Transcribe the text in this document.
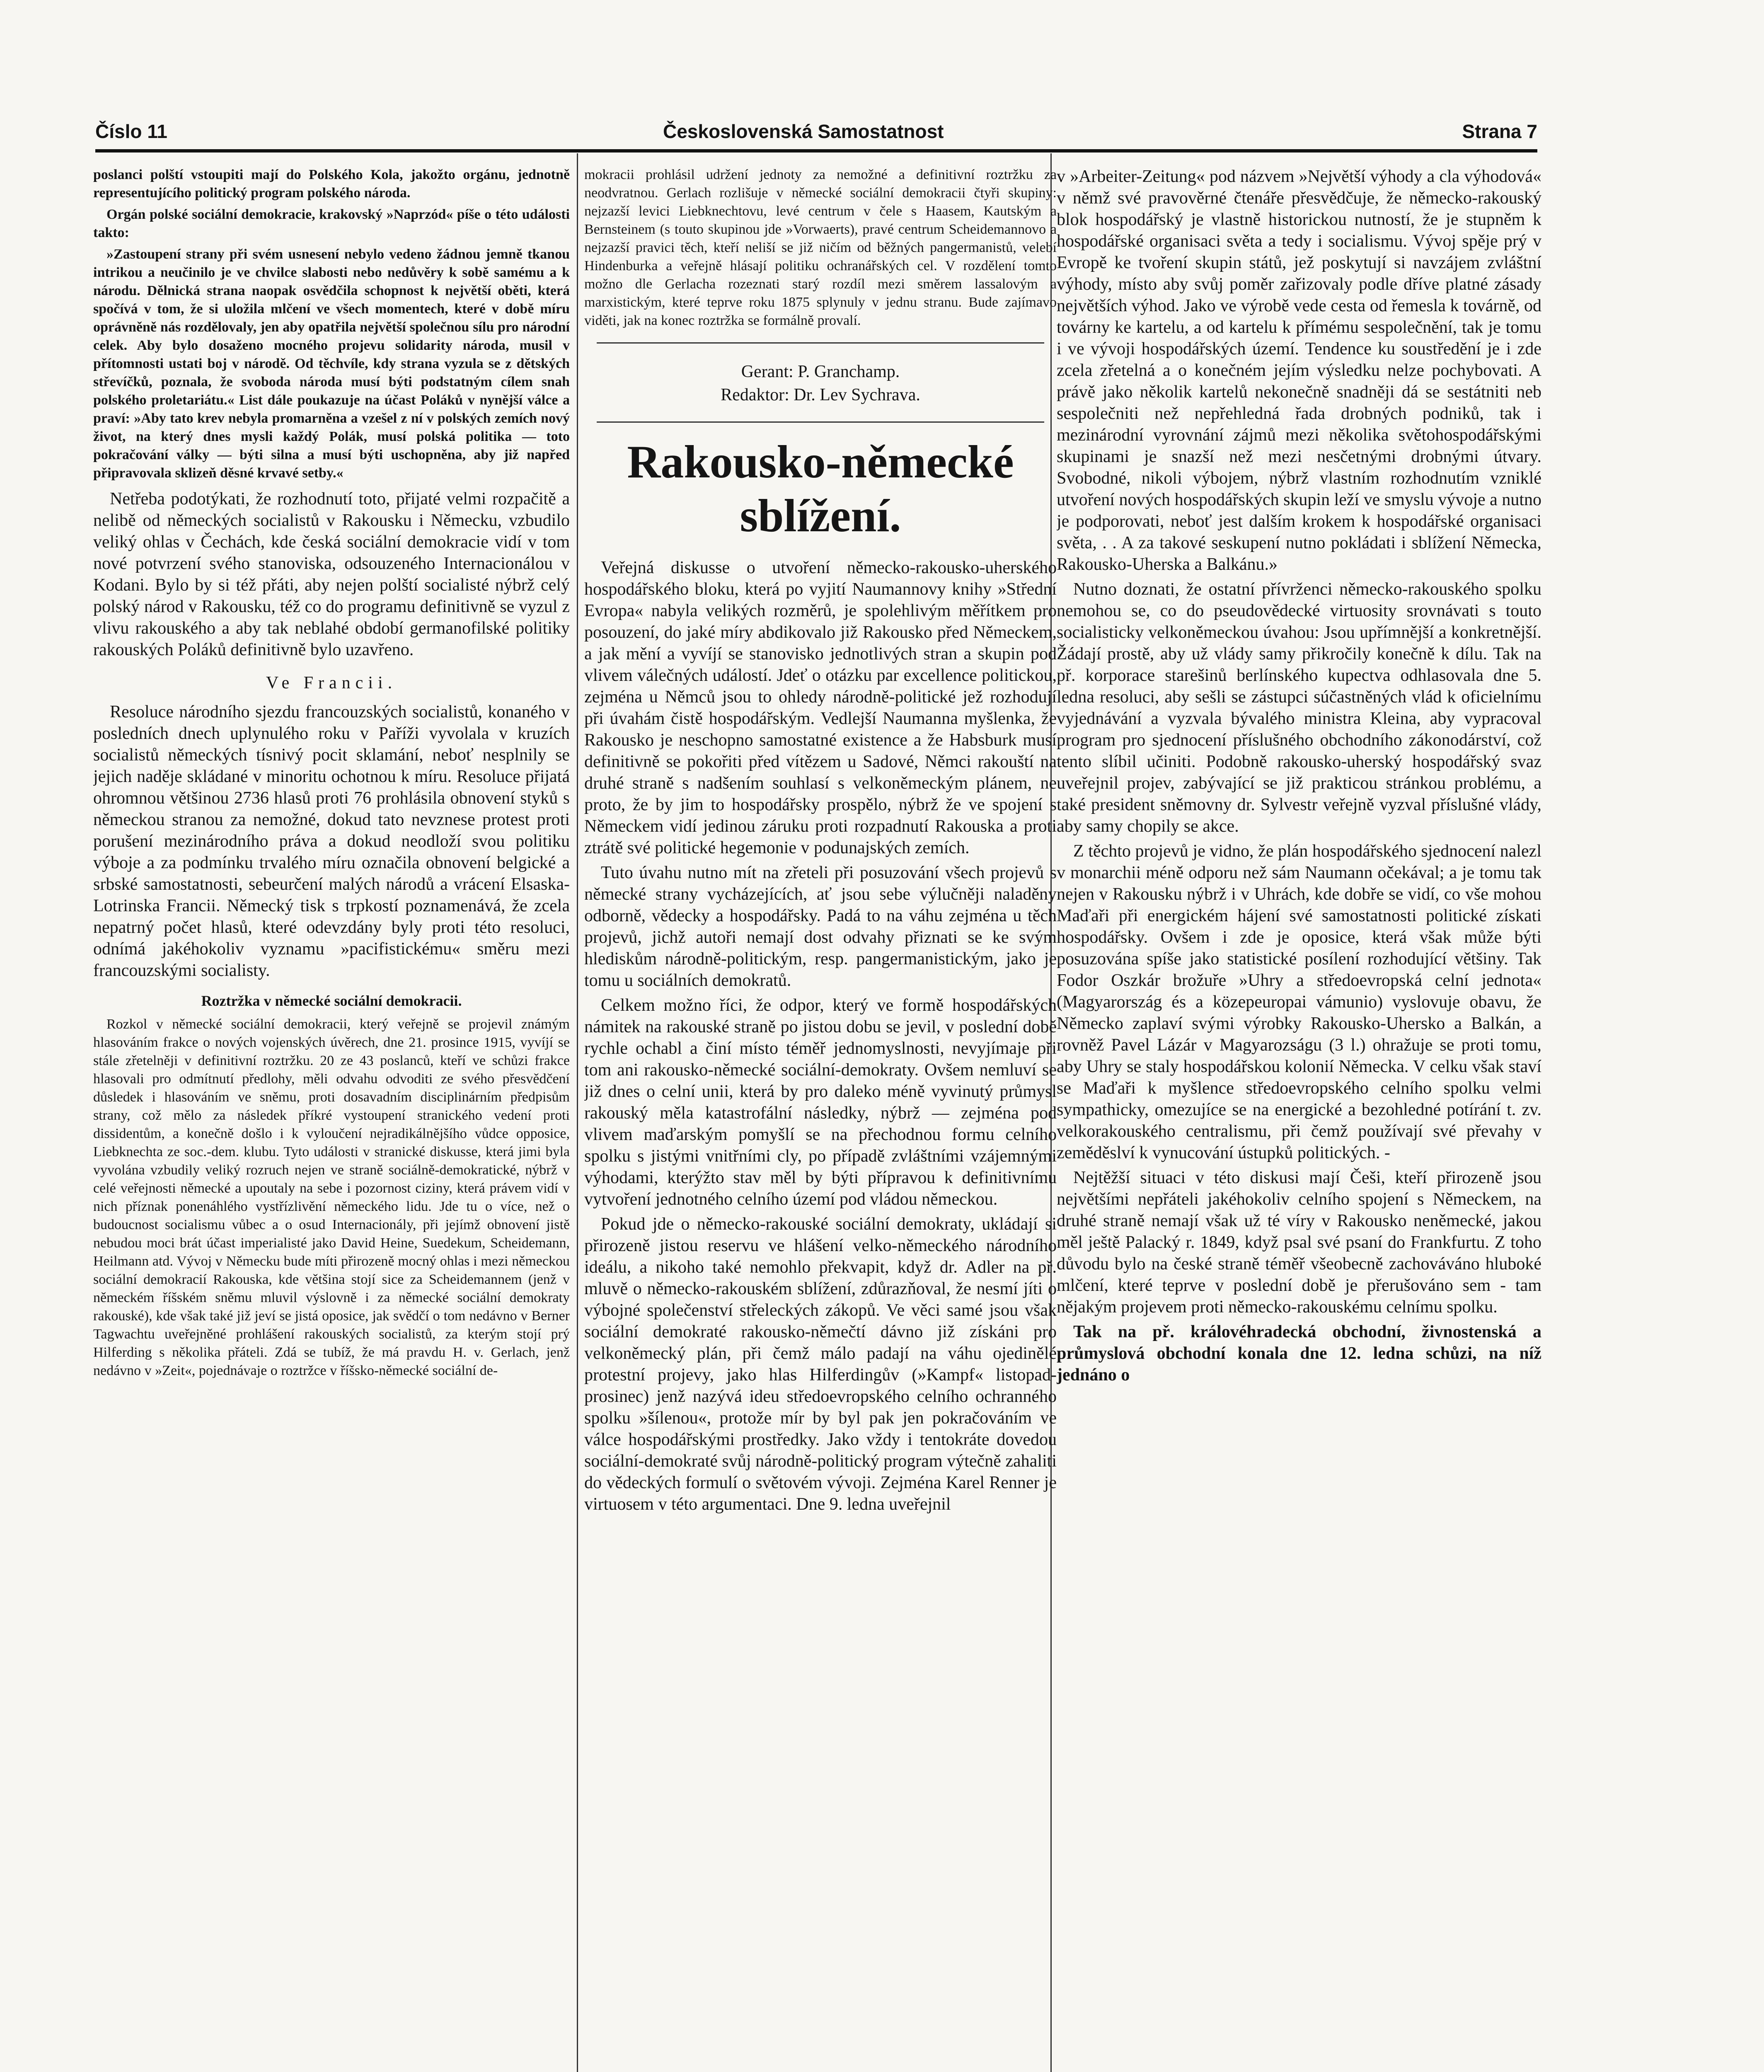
Číslo 11	Československá Samostatnost	Strana 7

poslanci polští vstoupiti mají do Polského Kola, jakožto orgánu, jednotně representujícího politický program polského národa.

Orgán polské sociální demokracie, krakovský »Naprzód« píše o této události takto:

»Zastoupení strany při svém usnesení nebylo vedeno žádnou jemně tkanou intrikou a neučinilo je ve chvilce slabosti nebo nedůvěry k sobě samému a k národu. Dělnická strana naopak osvědčila schopnost k největší oběti, která spočívá v tom, že si uložila mlčení ve všech momentech, které v době míru oprávněně nás rozdělovaly, jen aby opatřila největší společnou sílu pro národní celek. Aby bylo dosaženo mocného projevu solidarity národa, musil v přítomnosti ustati boj v národě. Od těchvíle, kdy strana vyzula se z dětských střevíčků, poznala, že svoboda národa musí býti podstatným cílem snah polského proletariátu.« List dále poukazuje na účast Poláků v nynější válce a praví: »Aby tato krev nebyla promarněna a vzešel z ní v polských zemích nový život, na který dnes mysli každý Polák, musí polská politika — toto pokračování války — býti silna a musí býti uschopněna, aby již napřed připravovala sklizeň děsné krvavé setby.«

Netřeba podotýkati, že rozhodnutí toto, přijaté velmi rozpačitě a nelibě od německých socialistů v Rakousku i Německu, vzbudilo veliký ohlas v Čechách, kde česká sociální demokracie vidí v tom nové potvrzení svého stanoviska, odsouzeného Internacionálou v Kodani. Bylo by si též přáti, aby nejen polští socialisté nýbrž celý polský národ v Rakousku, též co do programu definitivně se vyzul z vlivu rakouského a aby tak neblahé období germanofilské politiky rakouských Poláků definitivně bylo uzavřeno.

Ve Francii.

Resoluce národního sjezdu francouzských socialistů, konaného v posledních dnech uplynulého roku v Paříži vyvolala v kruzích socialistů německých tísnivý pocit sklamání, neboť nesplnily se jejich naděje skládané v minoritu ochotnou k míru. Resoluce přijatá ohromnou většinou 2736 hlasů proti 76 prohlásila obnovení styků s německou stranou za nemožné, dokud tato nevznese protest proti porušení mezinárodního práva a dokud neodloží svou politiku výboje a za podmínku trvalého míru označila obnovení belgické a srbské samostatnosti, sebeurčení malých národů a vrácení Elsaska-Lotrinska Francii. Německý tisk s trpkostí poznamenává, že zcela nepatrný počet hlasů, které odevzdány byly proti této resoluci, odnímá jakéhokoliv vyznamu »pacifistickému« směru mezi francouzskými socialisty.

Roztržka v německé sociální demokracii.

Rozkol v německé sociální demokracii, který veřejně se projevil známým hlasováním frakce o nových vojenských úvěrech, dne 21. prosince 1915, vyvíjí se stále zřetelněji v definitivní roztržku. 20 ze 43 poslanců, kteří ve schůzi frakce hlasovali pro odmítnutí předlohy, měli odvahu odvoditi ze svého přesvědčení důsledek i hlasováním ve sněmu, proti dosavadním disciplinárním předpisům strany, což mělo za následek příkré vystoupení stranického vedení proti dissidentům, a konečně došlo i k vyloučení nejradikálnějšího vůdce opposice, Liebknechta ze soc.-dem. klubu. Tyto události v stranické diskusse, která jimi byla vyvolána vzbudily veliký rozruch nejen ve straně sociálně-demokratické, nýbrž v celé veřejnosti německé a upoutaly na sebe i pozornost ciziny, která právem vidí v nich příznak ponenáhlého vystřízlivění německého lidu. Jde tu o více, než o budoucnost socialismu vůbec a o osud Internacionály, při jejímž obnovení jistě nebudou moci brát účast imperialisté jako David Heine, Suedekum, Scheidemann, Heilmann atd. Vývoj v Německu bude míti přirozeně mocný ohlas i mezi německou sociální demokracií Rakouska, kde většina stojí sice za Scheidemannem (jenž v německém říšském sněmu mluvil výslovně i za německé sociální demokraty rakouské), kde však také již jeví se jistá oposice, jak svědčí o tom nedávno v Berner Tagwachtu uveřejněné prohlášení rakouských socialistů, za kterým stojí prý Hilferding s několika přáteli. Zdá se tubíž, že má pravdu H. v. Gerlach, jenž nedávno v »Zeit«, pojednávaje o roztržce v říšsko-německé sociální de-

mokracii prohlásil udržení jednoty za nemožné a definitivní roztržku za neodvratnou. Gerlach rozlišuje v německé sociální demokracii čtyři skupiny: nejzazší levici Liebknechtovu, levé centrum v čele s Haasem, Kautským a Bernsteinem (s touto skupinou jde »Vorwaerts), pravé centrum Scheidemannovo a nejzazší pravici těch, kteří neliší se již ničím od běžných pangermanistů, velebí Hindenburka a veřejně hlásají politiku ochranářských cel. V rozdělení tomto možno dle Gerlacha rozeznati starý rozdíl mezi směrem lassalovým a marxistickým, které teprve roku 1875 splynuly v jednu stranu. Bude zajímavo viděti, jak na konec roztržka se formálně provalí.

Gerant: P. Granchamp.
Redaktor: Dr. Lev Sychrava.

Rakousko-německé sblížení.

Veřejná diskusse o utvoření německo-rakousko-uherského hospodářského bloku, která po vyjití Naumannovy knihy »Střední Evropa« nabyla velikých rozměrů, je spolehlivým měřítkem pro posouzení, do jaké míry abdikovalo již Rakousko před Německem, a jak mění a vyvíjí se stanovisko jednotlivých stran a skupin pod vlivem válečných událostí. Jdeť o otázku par excellence politickou, zejména u Němců jsou to ohledy národně-politické jež rozhodují při úvahám čistě hospodářským. Vedlejší Naumanna myšlenka, že Rakousko je neschopno samostatné existence a že Habsburk musí definitivně se pokořiti před vítězem u Sadové, Němci rakouští na druhé straně s nadšením souhlasí s velkoněmeckým plánem, ne proto, že by jim to hospodářsky prospělo, nýbrž že ve spojení s Německem vidí jedinou záruku proti rozpadnutí Rakouska a proti ztrátě své politické hegemonie v podunajských zemích.

Tuto úvahu nutno mít na zřeteli při posuzování všech projevů s německé strany vycházejících, ať jsou sebe výlučněji naladěny odborně, vědecky a hospodářsky. Padá to na váhu zejména u těch projevů, jichž autoři nemají dost odvahy přiznati se ke svým hlediskům národně-politickým, resp. pangermanistickým, jako je tomu u sociálních demokratů.

Celkem možno říci, že odpor, který ve formě hospodářských námitek na rakouské straně po jistou dobu se jevil, v poslední době rychle ochabl a činí místo téměř jednomyslnosti, nevyjímaje při tom ani rakousko-německé sociální-demokraty. Ovšem nemluví se již dnes o celní unii, která by pro daleko méně vyvinutý průmysl rakouský měla katastrofální následky, nýbrž — zejména pod vlivem maďarským pomyšlí se na přechodnou formu celního spolku s jistými vnitřními cly, po případě zvláštními vzájemnými výhodami, kterýžto stav měl by býti přípravou k definitivnímu vytvoření jednotného celního území pod vládou německou.

Pokud jde o německo-rakouské sociální demokraty, ukládají si přirozeně jistou reservu ve hlášení velko-německého národního ideálu, a nikoho také nemohlo překvapit, když dr. Adler na př. mluvě o německo-rakouském sblížení, zdůrazňoval, že nesmí jíti o výbojné společenství střeleckých zákopů. Ve věci samé jsou však sociální demokraté rakousko-němečtí dávno již získáni pro velkoněmecký plán, při čemž málo padají na váhu ojedinělé protestní projevy, jako hlas Hilferdingův (»Kampf« listopad-prosinec) jenž nazývá ideu středoevropského celního ochranného spolku »šílenou«, protože mír by byl pak jen pokračováním ve válce hospodářskými prostředky. Jako vždy i tentokráte dovedou sociální-demokraté svůj národně-politický program výtečně zahaliti do vědeckých formulí o světovém vývoji. Zejména Karel Renner je virtuosem v této argumentaci. Dne 9. ledna uveřejnil

v »Arbeiter-Zeitung« pod názvem »Největší výhody a cla výhodová« v němž své pravověrné čtenáře přesvědčuje, že německo-rakouský blok hospodářský je vlastně historickou nutností, že je stupněm k hospodářské organisaci světa a tedy i socialismu. Vývoj spěje prý v Evropě ke tvoření skupin států, jež poskytují si navzájem zvláštní výhody, místo aby svůj poměr zařizovaly podle dříve platné zásady největších výhod. Jako ve výrobě vede cesta od řemesla k továrně, od továrny ke kartelu, a od kartelu k přímému sespolečnění, tak je tomu i ve vývoji hospodářských území. Tendence ku soustředění je i zde zcela zřetelná a o konečném jejím výsledku nelze pochybovati. A právě jako několik kartelů nekonečně snadněji dá se sestátniti neb sespolečniti než nepřehledná řada drobných podniků, tak i mezinárodní vyrovnání zájmů mezi několika světohospodářskými skupinami je snazší než mezi nesčetnými drobnými útvary. Svobodné, nikoli výbojem, nýbrž vlastním rozhodnutím vzniklé utvoření nových hospodářských skupin leží ve smyslu vývoje a nutno je podporovati, neboť jest dalším krokem k hospodářské organisaci světa, . . A za takové seskupení nutno pokládati i sblížení Německa, Rakousko-Uherska a Balkánu.»

Nutno doznati, že ostatní přívrženci německo-rakouského spolku nemohou se, co do pseudovědecké virtuosity srovnávati s touto socialisticky velkoněmeckou úvahou: Jsou upřímnější a konkretnější. Žádají prostě, aby už vlády samy přikročily konečně k dílu. Tak na př. korporace starešinů berlínského kupectva odhlasovala dne 5. ledna resoluci, aby sešli se zástupci súčastněných vlád k oficielnímu vyjednávání a vyzvala bývalého ministra Kleina, aby vypracoval program pro sjednocení příslušného obchodního zákonodárství, což tento slíbil učiniti. Podobně rakousko-uherský hospodářský svaz uveřejnil projev, zabývající se již prakticou stránkou problému, a také president sněmovny dr. Sylvestr veřejně vyzval příslušné vlády, aby samy chopily se akce.

Z těchto projevů je vidno, že plán hospodářského sjednocení nalezl v monarchii méně odporu než sám Naumann očekával; a je tomu tak nejen v Rakousku nýbrž i v Uhrách, kde dobře se vidí, co vše mohou Maďaři při energickém hájení své samostatnosti politické získati hospodářsky. Ovšem i zde je oposice, která však může býti posuzována spíše jako statistické posílení rozhodující většiny. Tak Fodor Oszkár brožuře »Uhry a středoevropská celní jednota« (Magyarország és a közepeuropai vámunio) vyslovuje obavu, že Německo zaplaví svými výrobky Rakousko-Uhersko a Balkán, a rovněž Pavel Lázár v Magyarozságu (3 l.) ohražuje se proti tomu, aby Uhry se staly hospodářskou kolonií Německa. V celku však staví se Maďaři k myšlence středoevropského celního spolku velmi sympathicky, omezujíce se na energické a bezohledné potírání t. zv. velkorakouského centralismu, při čemž používají své převahy v zeměděslví k vynucování ústupků politických. -

Nejtěžší situaci v této diskusi mají Češi, kteří přirozeně jsou největšími nepřáteli jakéhokoliv celního spojení s Německem, na druhé straně nemají však už té víry v Rakousko neněmecké, jakou měl ještě Palacký r. 1849, když psal své psaní do Frankfurtu. Z toho důvodu bylo na české straně téměř všeobecně zachováváno hluboké mlčení, které teprve v poslední době je přerušováno sem - tam nějakým projevem proti německo-rakouskému celnímu spolku.

Tak na př. královéhradecká obchodní, živnostenská a průmyslová obchodní konala dne 12. ledna schůzi, na níž jednáno o
